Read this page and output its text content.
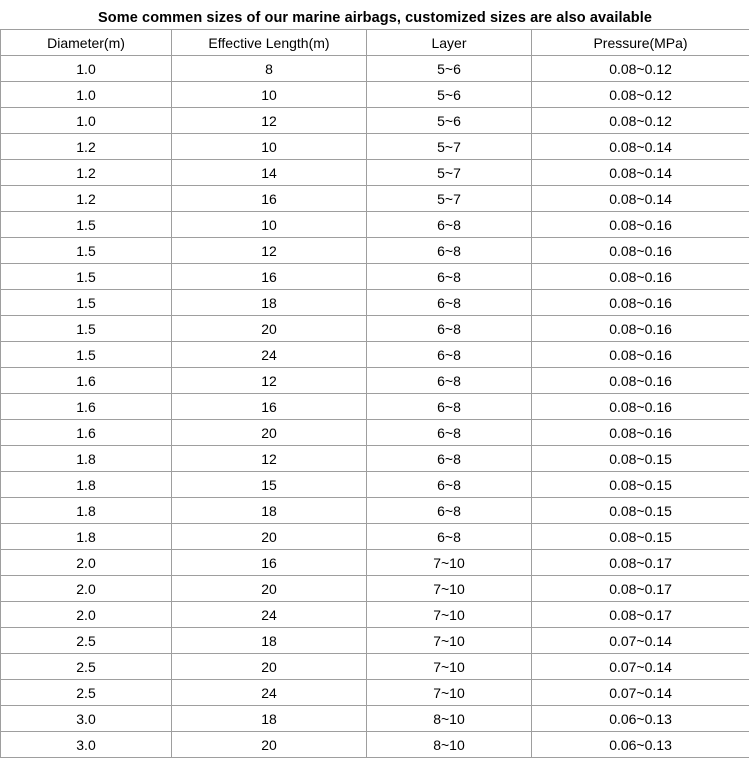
Some commen sizes of our marine airbags, customized sizes are also available			
Diameter(m)	Effective Length(m)	Layer	Pressure(MPa)
1.0	8	5~6	0.08~0.12
1.0	10	5~6	0.08~0.12
1.0	12	5~6	0.08~0.12
1.2	10	5~7	0.08~0.14
1.2	14	5~7	0.08~0.14
1.2	16	5~7	0.08~0.14
1.5	10	6~8	0.08~0.16
1.5	12	6~8	0.08~0.16
1.5	16	6~8	0.08~0.16
1.5	18	6~8	0.08~0.16
1.5	20	6~8	0.08~0.16
1.5	24	6~8	0.08~0.16
1.6	12	6~8	0.08~0.16
1.6	16	6~8	0.08~0.16
1.6	20	6~8	0.08~0.16
1.8	12	6~8	0.08~0.15
1.8	15	6~8	0.08~0.15
1.8	18	6~8	0.08~0.15
1.8	20	6~8	0.08~0.15
2.0	16	7~10	0.08~0.17
2.0	20	7~10	0.08~0.17
2.0	24	7~10	0.08~0.17
2.5	18	7~10	0.07~0.14
2.5	20	7~10	0.07~0.14
2.5	24	7~10	0.07~0.14
3.0	18	8~10	0.06~0.13
3.0	20	8~10	0.06~0.13
